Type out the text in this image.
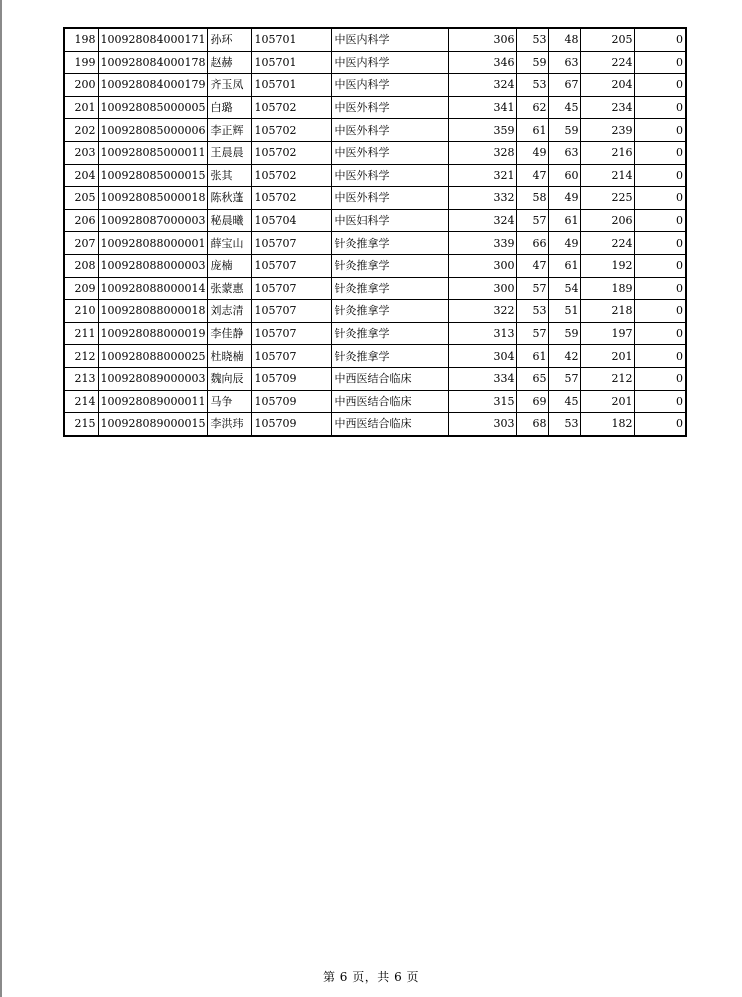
198	100928084000171	孙环	105701	中医内科学	306	53	48	205	0
199	100928084000178	赵赫	105701	中医内科学	346	59	63	224	0
200	100928084000179	齐玉凤	105701	中医内科学	324	53	67	204	0
201	100928085000005	白璐	105702	中医外科学	341	62	45	234	0
202	100928085000006	李正辉	105702	中医外科学	359	61	59	239	0
203	100928085000011	王晨晨	105702	中医外科学	328	49	63	216	0
204	100928085000015	张其	105702	中医外科学	321	47	60	214	0
205	100928085000018	陈秋蓬	105702	中医外科学	332	58	49	225	0
206	100928087000003	秘晨曦	105704	中医妇科学	324	57	61	206	0
207	100928088000001	薛宝山	105707	针灸推拿学	339	66	49	224	0
208	100928088000003	庞楠	105707	针灸推拿学	300	47	61	192	0
209	100928088000014	张蒙惠	105707	针灸推拿学	300	57	54	189	0
210	100928088000018	刘志清	105707	针灸推拿学	322	53	51	218	0
211	100928088000019	李佳静	105707	针灸推拿学	313	57	59	197	0
212	100928088000025	杜晓楠	105707	针灸推拿学	304	61	42	201	0
213	100928089000003	魏向辰	105709	中西医结合临床	334	65	57	212	0
214	100928089000011	马争	105709	中西医结合临床	315	69	45	201	0
215	100928089000015	李洪玮	105709	中西医结合临床	303	68	53	182	0
第 6 页，共 6 页
